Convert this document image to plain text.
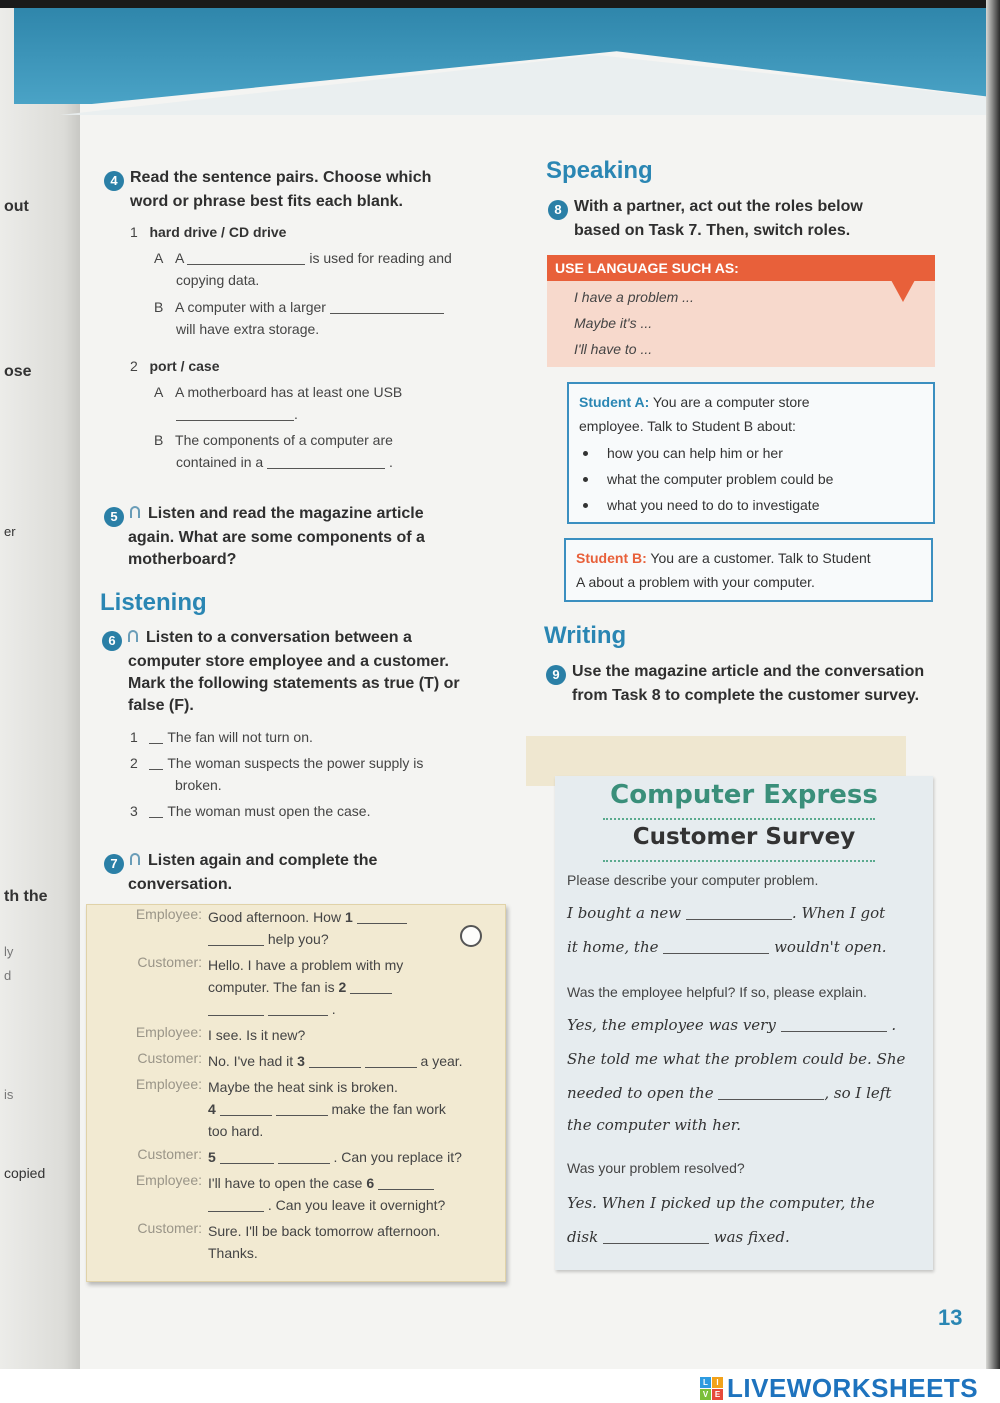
out
ose
er
th the
ly
d
is
copied
4 Read the sentence pairs. Choose which
word or phrase best fits each blank.
1 hard drive / CD drive
A A	is used for reading and
copying data.
B A computer with a larger
will have extra storage.
2 port / case
A A motherboard has at least one USB
.
B The components of a computer are
contained in a	.
5 Listen and read the magazine article
again. What are some components of a
motherboard?
Listening
6 Listen to a conversation between a
computer store employee and a customer.
Mark the following statements as true (T) or
false (F).
1 The fan will not turn on.
2 The woman suspects the power supply is
broken.
3 The woman must open the case.
7 Listen again and complete the
conversation.
Employee: Good afternoon. How 1
help you?
Customer: Hello. I have a problem with my
computer. The fan is 2
.
Employee: I see. Is it new?
Customer: No. I've had it 3	a year.
Employee: Maybe the heat sink is broken.
4	make the fan work
too hard.
Customer: 5	. Can you replace it?
Employee: I'll have to open the case 6
. Can you leave it overnight?
Customer: Sure. I'll be back tomorrow afternoon.
Thanks.
Speaking
8 With a partner, act out the roles below
based on Task 7. Then, switch roles.
USE LANGUAGE SUCH AS:
I have a problem ...
Maybe it's ...
I'll have to ...
Student A: You are a computer store
employee. Talk to Student B about:
how you can help him or her
what the computer problem could be
what you need to do to investigate
Student B: You are a customer. Talk to Student
A about a problem with your computer.
Writing
9 Use the magazine article and the conversation
from Task 8 to complete the customer survey.
Computer Express
Customer Survey
Please describe your computer problem.
I bought a new	. When I got
it home, the	wouldn't open.
Was the employee helpful? If so, please explain.
Yes, the employee was very	.
She told me what the problem could be. She
needed to open the	, so I left
the computer with her.
Was your problem resolved?
Yes. When I picked up the computer, the
disk	was fixed.
13
L	I
V E LIVEWORKSHEETS
